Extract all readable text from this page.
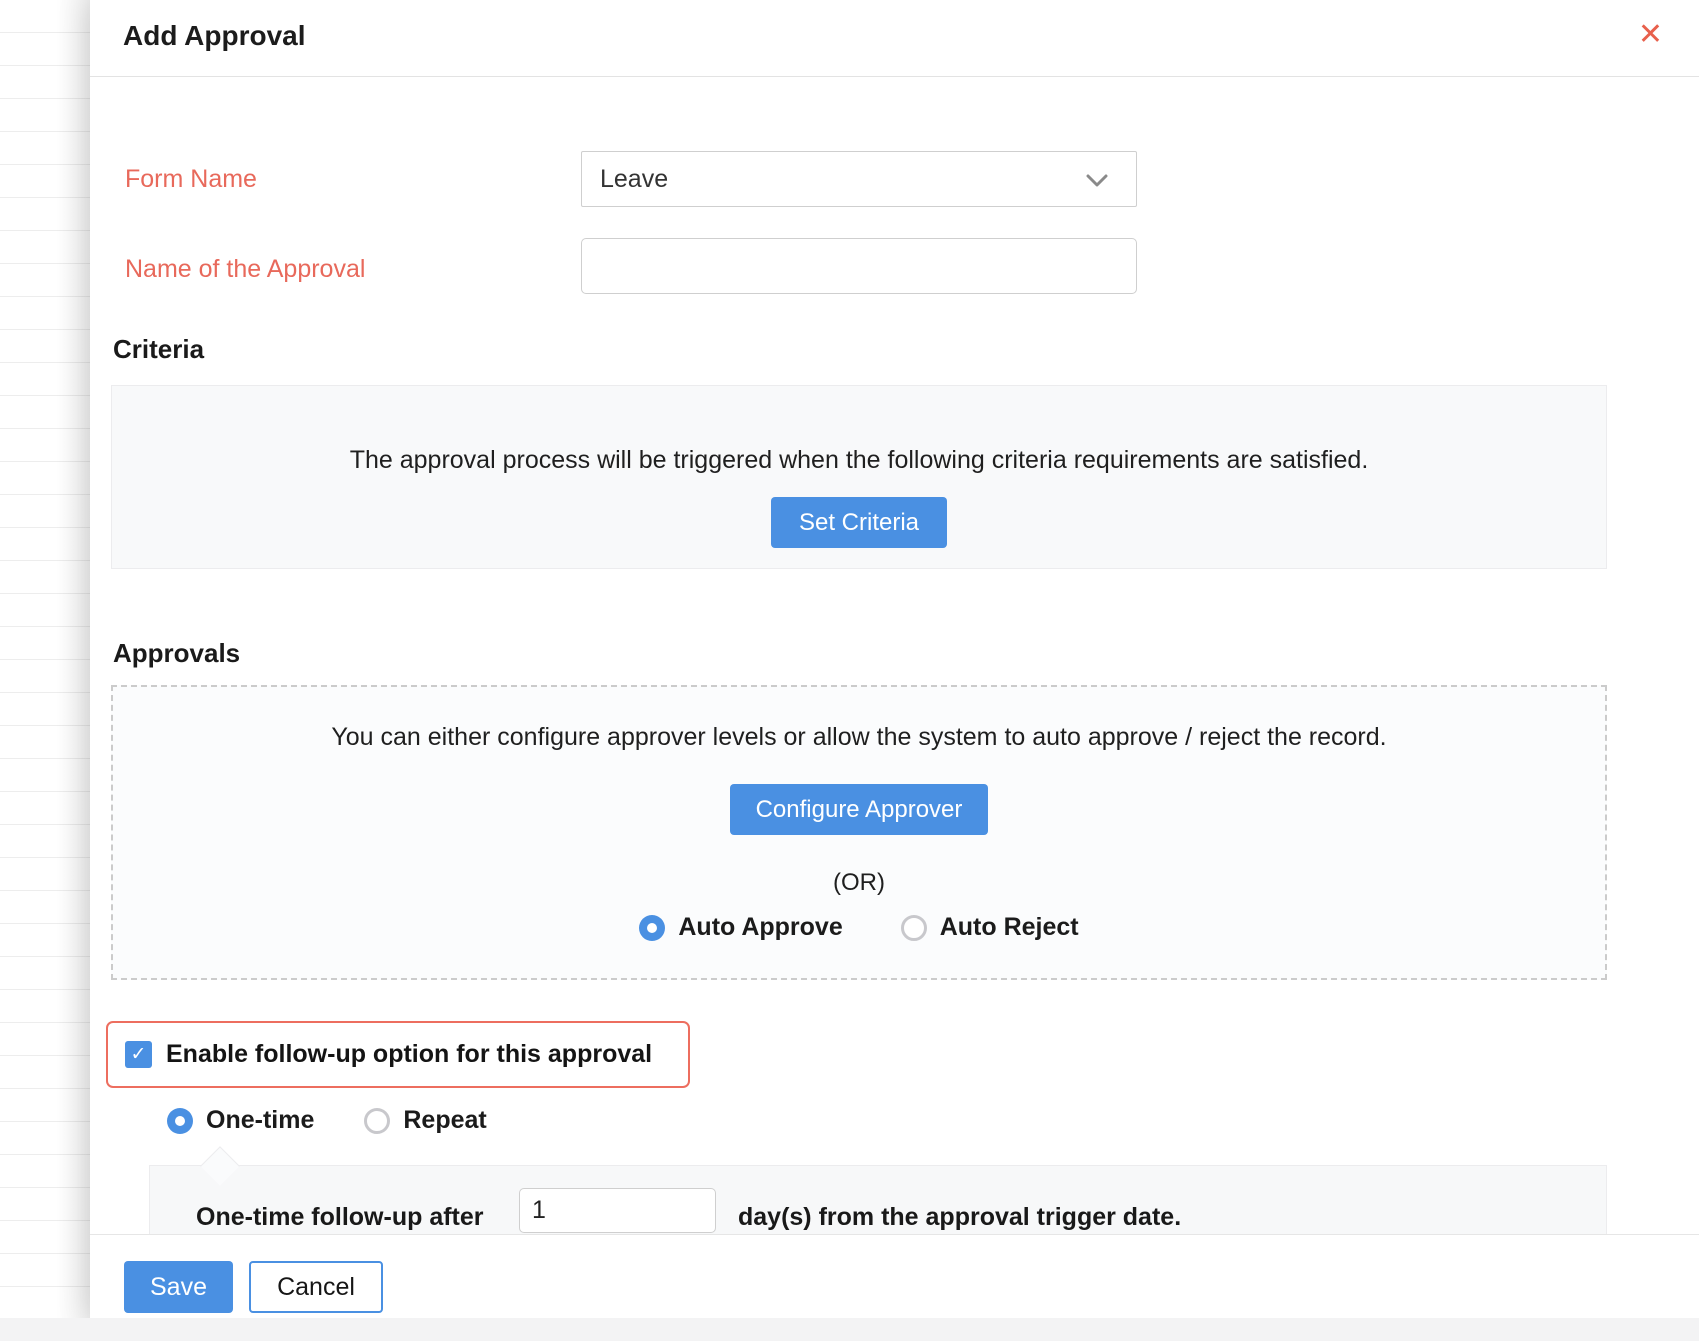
Add Approval	✕
Form Name	Leave
Name of the Approval
Criteria
The approval process will be triggered when the following criteria requirements are satisfied.
Set Criteria
Approvals
You can either configure approver levels or allow the system to auto approve / reject the record.
Configure Approver
(OR)
Auto Approve	Auto Reject
✓ Enable follow-up option for this approval
One-time	Repeat
One-time follow-up after
1	day(s) from the approval trigger date.
Save	Cancel
